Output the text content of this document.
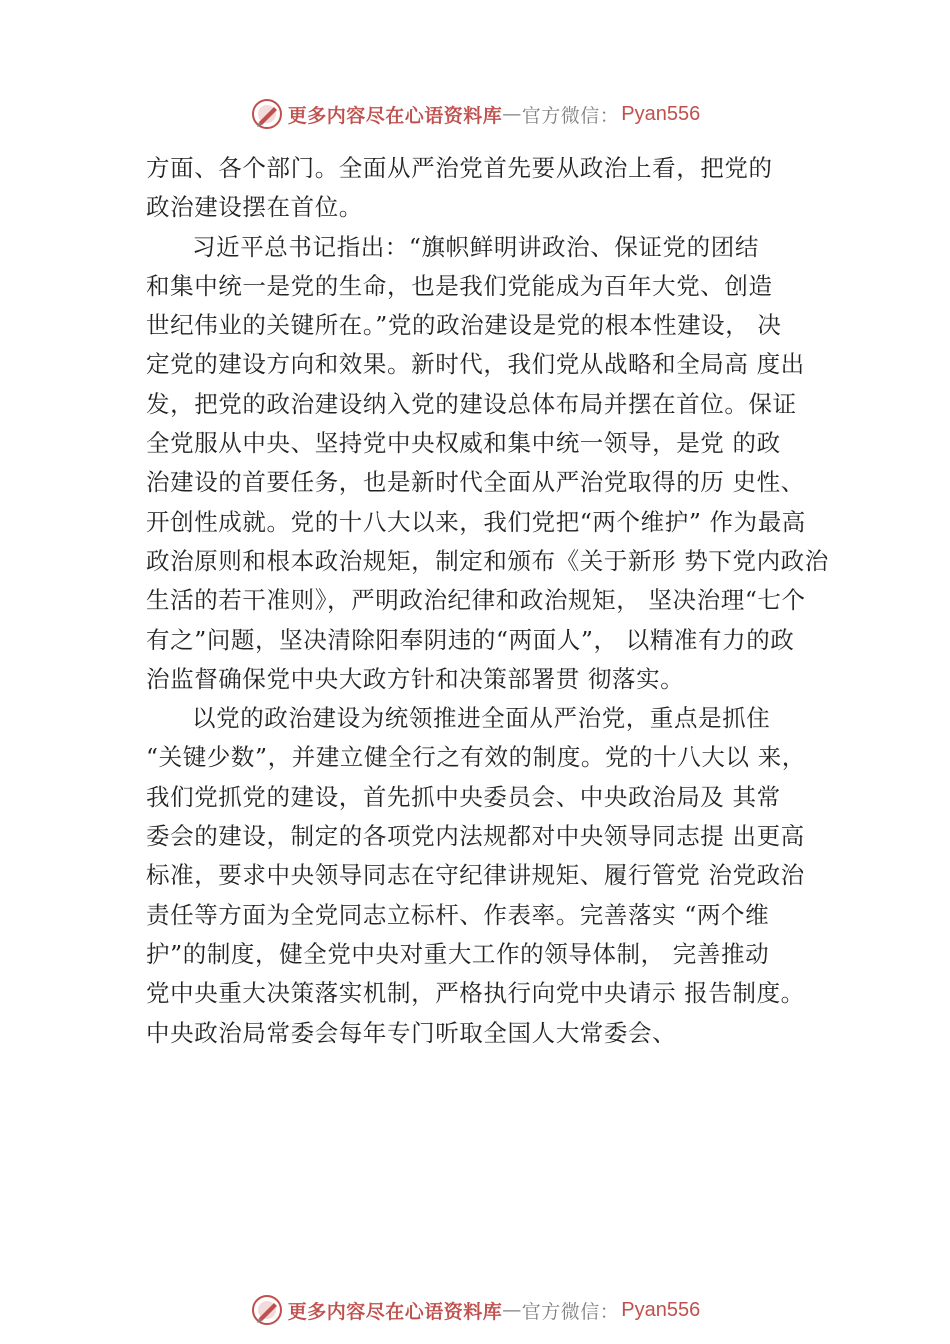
更多内容尽在心语资料库 — 官方微信： Pyan556
方面、各个部门。全面从严治党首先要从政治上看，把党的
政治建设摆在首位。
习近平总书记指出：“旗帜鲜明讲政治、保证党的团结
和集中统一是党的生命，也是我们党能成为百年大党、创造
世纪伟业的关键所在。”党的政治建设是党的根本性建设， 决
定党的建设方向和效果。新时代，我们党从战略和全局高 度出
发，把党的政治建设纳入党的建设总体布局并摆在首位。保证
全党服从中央、坚持党中央权威和集中统一领导，是党 的政
治建设的首要任务，也是新时代全面从严治党取得的历 史性、
开创性成就。党的十八大以来，我们党把“两个维护” 作为最高
政治原则和根本政治规矩，制定和颁布《关于新形 势下党内政治
生活的若干准则》，严明政治纪律和政治规矩， 坚决治理“七个
有之”问题，坚决清除阳奉阴违的“两面人”， 以精准有力的政
治监督确保党中央大政方针和决策部署贯 彻落实。
以党的政治建设为统领推进全面从严治党，重点是抓住
“关键少数”，并建立健全行之有效的制度。党的十八大以 来，
我们党抓党的建设，首先抓中央委员会、中央政治局及 其常
委会的建设，制定的各项党内法规都对中央领导同志提 出更高
标准，要求中央领导同志在守纪律讲规矩、履行管党 治党政治
责任等方面为全党同志立标杆、作表率。完善落实 “两个维
护”的制度，健全党中央对重大工作的领导体制， 完善推动
党中央重大决策落实机制，严格执行向党中央请示 报告制度。
中央政治局常委会每年专门听取全国人大常委会、
更多内容尽在心语资料库 — 官方微信： Pyan556
